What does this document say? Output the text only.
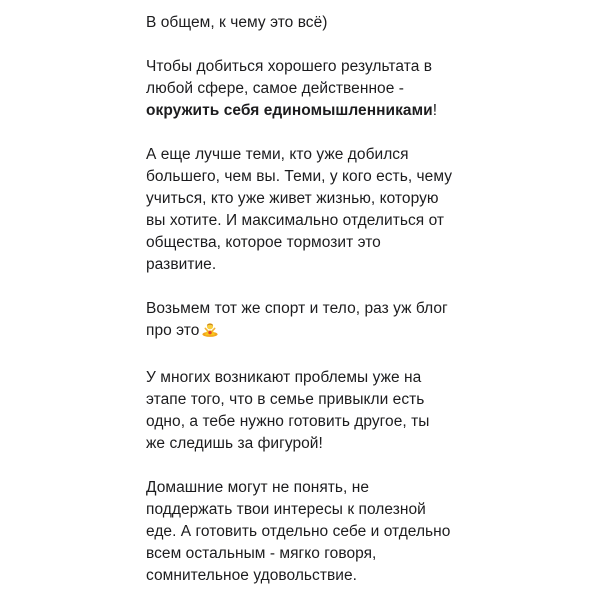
В общем, к чему это всё)
Чтобы добиться хорошего результата в
любой сфере, самое действенное -
окружить себя единомышленниками!
А еще лучше теми, кто уже добился
большего, чем вы. Теми, у кого есть, чему
учиться, кто уже живет жизнью, которую
вы хотите. И максимально отделиться от
общества, которое тормозит это
развитие.
Возьмем тот же спорт и тело, раз уж блог
про это
У многих возникают проблемы уже на
этапе того, что в семье привыкли есть
одно, а тебе нужно готовить другое, ты
же следишь за фигурой!
Домашние могут не понять, не
поддержать твои интересы к полезной
еде. А готовить отдельно себе и отдельно
всем остальным - мягко говоря,
сомнительное удовольствие.
